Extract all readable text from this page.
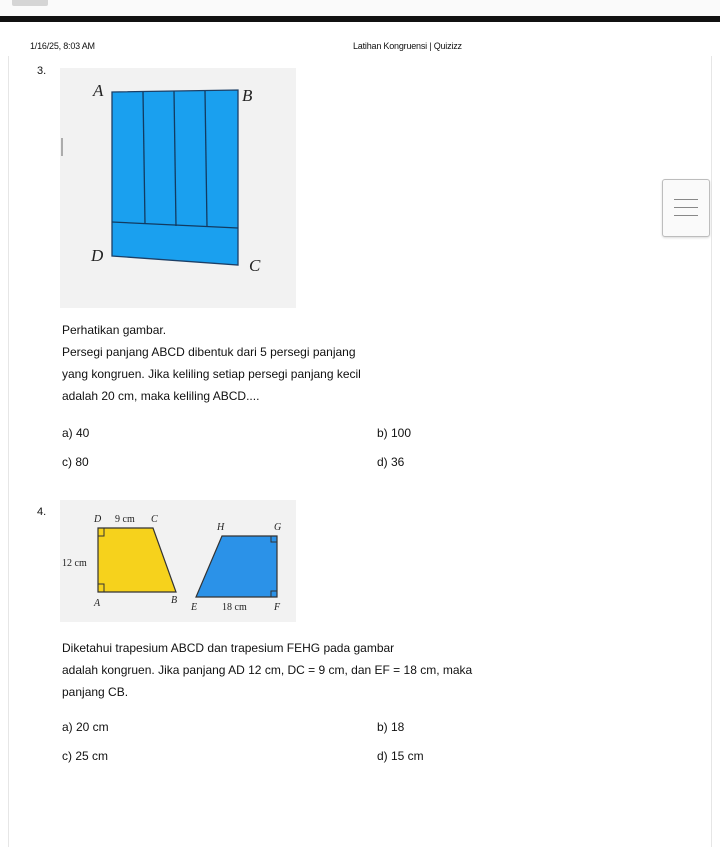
1/16/25, 8:03 AM	Latihan Kongruensi | Quizizz
3.
A	B
D
C
Perhatikan gambar.
Persegi panjang ABCD dibentuk dari 5 persegi panjang
yang kongruen. Jika keliling setiap persegi panjang kecil
adalah 20 cm, maka keliling ABCD....
a) 40	b) 100
c) 80	d) 36
4.
D 9 cm C
12 cm
A	B
H	G
E 18 cm	F
Diketahui trapesium ABCD dan trapesium FEHG pada gambar
adalah kongruen. Jika panjang AD 12 cm, DC = 9 cm, dan EF = 18 cm, maka
panjang CB.
a) 20 cm	b) 18
c) 25 cm	d) 15 cm
